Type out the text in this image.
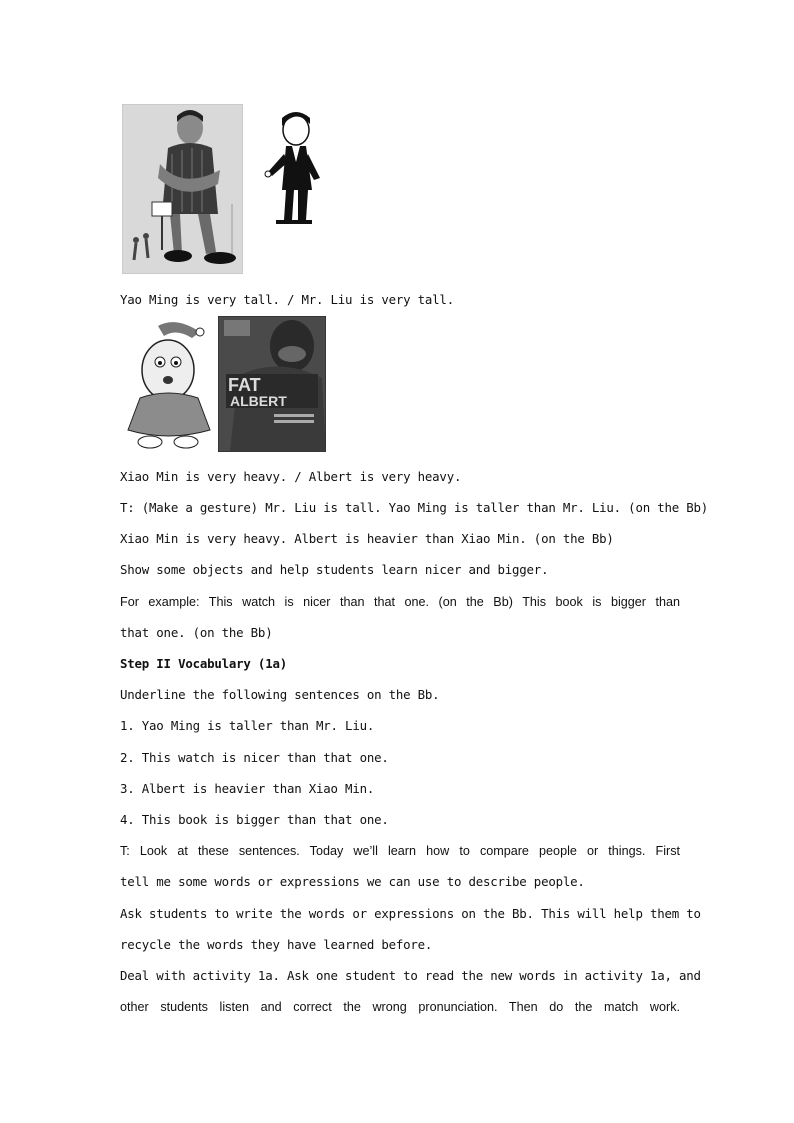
Yao Ming is very tall. / Mr. Liu is very tall.

FAT
ALBERT

Xiao Min is very heavy. / Albert is very heavy.

T: (Make a gesture) Mr. Liu is tall. Yao Ming is taller than Mr. Liu. (on the Bb)

Xiao Min is very heavy. Albert is heavier than Xiao Min. (on the Bb)

Show some objects and help students learn nicer and bigger.

For example: This watch is nicer than that one. (on the Bb) This book is bigger than

that one. (on the Bb)

Step II Vocabulary (1a)

Underline the following sentences on the Bb.

1. Yao Ming is taller than Mr. Liu.

2. This watch is nicer than that one.

3. Albert is heavier than Xiao Min.

4. This book is bigger than that one.

T: Look at these sentences. Today we’ll learn how to compare people or things. First

tell me some words or expressions we can use to describe people.

Ask students to write the words or expressions on the Bb. This will help them to

recycle the words they have learned before.

Deal with activity 1a. Ask one student to read the new words in activity 1a, and

other students listen and correct the wrong pronunciation. Then do the match work.
